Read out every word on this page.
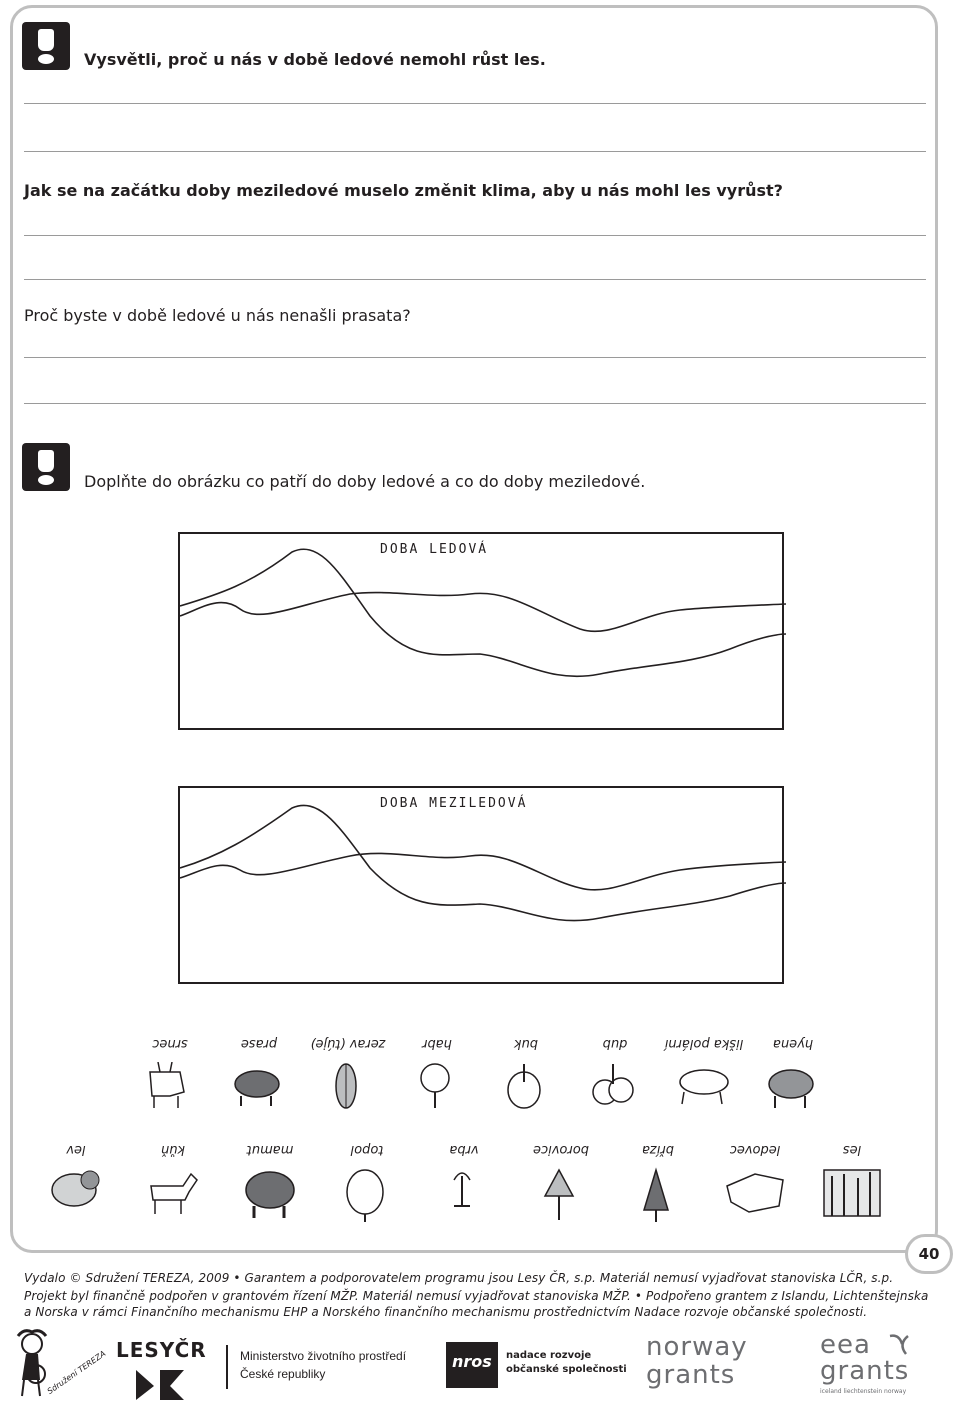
Vysvětli, proč u nás v době ledové nemohl růst les.
Jak se na začátku doby meziledové muselo změnit klima, aby u nás mohl les vyrůst?
Proč byste v době ledové u nás nenašli prasata?
Doplňte do obrázku co patří do doby ledové a co do doby meziledové.
DOBA LEDOVÁ
DOBA MEZILEDOVÁ
srnec	prase	zerav (túje)	habr	buk	dub	liška polární	hyena
lev	kůň	mamut	topol	vrba	borovice	bříza	ledovec	les
40
Vydalo © Sdružení TEREZA, 2009 • Garantem a podporovatelem programu jsou Lesy ČR, s.p. Materiál nemusí vyjadřovat stanoviska LČR, s.p.
Projekt byl finančně podpořen v grantovém řízení MŽP. Materiál nemusí vyjadřovat stanoviska MŽP. • Podpořeno grantem z Islandu, Lichtenštejnska
a Norska v rámci Finančního mechanismu EHP a Norského finančního mechanismu prostřednictvím Nadace rozvoje občanské společnosti.
Sdružení TEREZA LESYČR	Ministerstvo životního prostředí
České republiky
nros nadace rozvoje
občanské společnosti
norway
grants
eea
grants
iceland liechtenstein norway
